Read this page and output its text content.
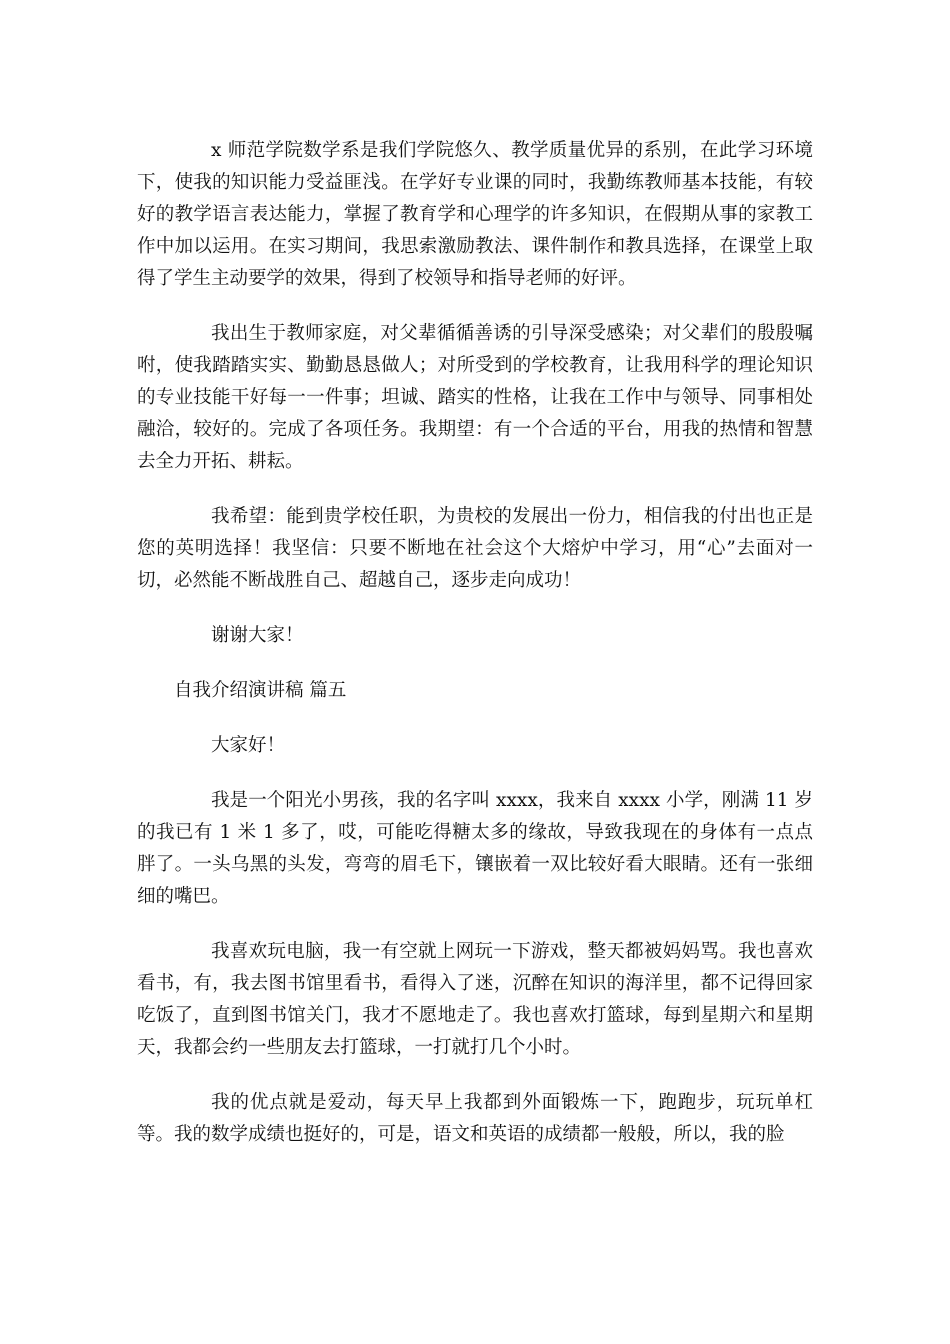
x 师范学院数学系是我们学院悠久、教学质量优异的系别，在此学习环境下，使我的知识能力受益匪浅。在学好专业课的同时，我勤练教师基本技能，有较好的教学语言表达能力，掌握了教育学和心理学的许多知识，在假期从事的家教工作中加以运用。在实习期间，我思索激励教法、课件制作和教具选择，在课堂上取得了学生主动要学的效果，得到了校领导和指导老师的好评。

我出生于教师家庭，对父辈循循善诱的引导深受感染；对父辈们的殷殷嘱咐，使我踏踏实实、勤勤恳恳做人；对所受到的学校教育，让我用科学的理论知识的专业技能干好每一一件事；坦诚、踏实的性格，让我在工作中与领导、同事相处融洽，较好的。完成了各项任务。我期望：有一个合适的平台，用我的热情和智慧去全力开拓、耕耘。

我希望：能到贵学校任职，为贵校的发展出一份力，相信我的付出也正是您的英明选择！我坚信：只要不断地在社会这个大熔炉中学习，用“心”去面对一切，必然能不断战胜自己、超越自己，逐步走向成功！

谢谢大家！

自我介绍演讲稿 篇五

大家好！

我是一个阳光小男孩，我的名字叫 xxxx，我来自 xxxx 小学，刚满 11 岁的我已有 1 米 1 多了，哎，可能吃得糖太多的缘故，导致我现在的身体有一点点胖了。一头乌黑的头发，弯弯的眉毛下，镶嵌着一双比较好看大眼睛。还有一张细细的嘴巴。

我喜欢玩电脑，我一有空就上网玩一下游戏，整天都被妈妈骂。我也喜欢看书，有，我去图书馆里看书，看得入了迷，沉醉在知识的海洋里，都不记得回家吃饭了，直到图书馆关门，我才不愿地走了。我也喜欢打篮球，每到星期六和星期天，我都会约一些朋友去打篮球，一打就打几个小时。

我的优点就是爱动，每天早上我都到外面锻炼一下，跑跑步，玩玩单杠等。我的数学成绩也挺好的，可是，语文和英语的成绩都一般般，所以，我的脸
